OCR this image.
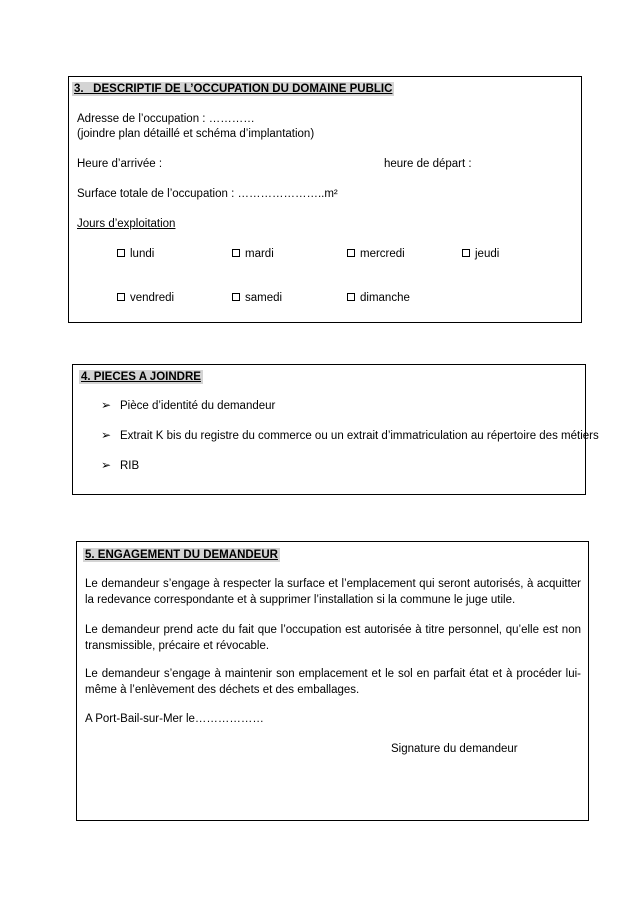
3.   DESCRIPTIF DE L’OCCUPATION DU DOMAINE PUBLIC
Adresse de l’occupation : …………
(joindre plan détaillé et schéma d’implantation)
Heure d’arrivée :	heure de départ :
Surface totale de l’occupation : …………………..m²
Jours d’exploitation
lundi	mardi	mercredi	jeudi
vendredi	samedi	dimanche
4. PIECES A JOINDRE
➢ Pièce d’identité du demandeur
➢ Extrait K bis du registre du commerce ou un extrait d’immatriculation au répertoire des métiers
➢ RIB
5. ENGAGEMENT DU DEMANDEUR
Le demandeur s’engage à respecter la surface et l’emplacement qui seront autorisés, à acquitter la redevance correspondante et à supprimer l’installation si la commune le juge utile.
Le demandeur prend acte du fait que l’occupation est autorisée à titre personnel, qu’elle est non transmissible, précaire et révocable.
Le demandeur s’engage à maintenir son emplacement et le sol en parfait état et à procéder lui-même à l’enlèvement des déchets et des emballages.
A Port-Bail-sur-Mer le………………
Signature du demandeur
